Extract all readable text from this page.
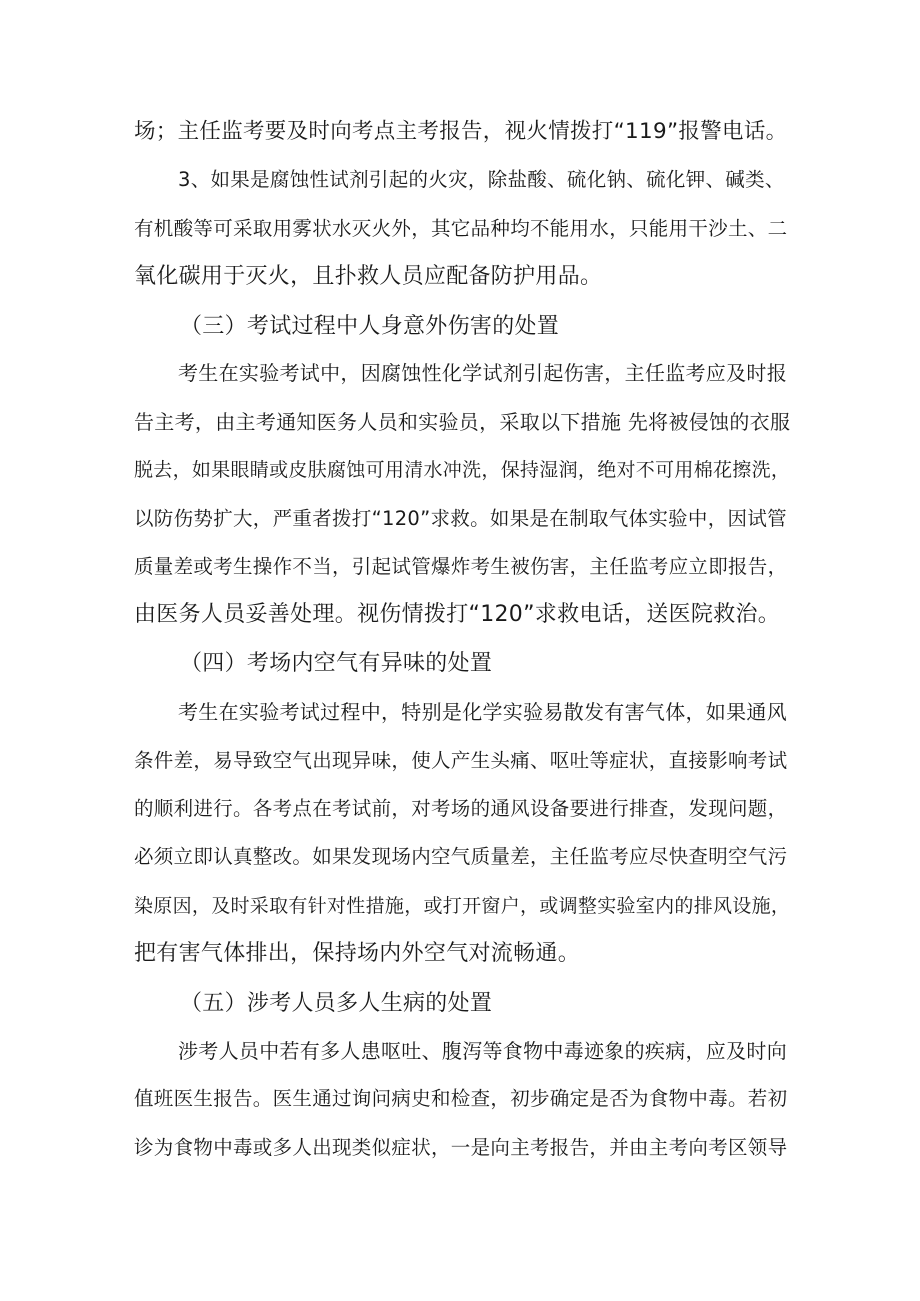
场；主任监考要及时向考点主考报告，视火情拨打“119”报警电话。
3、如果是腐蚀性试剂引起的火灾，除盐酸、硫化钠、硫化钾、碱类、
有机酸等可采取用雾状水灭火外，其它品种均不能用水，只能用干沙土、二
氧化碳用于灭火，且扑救人员应配备防护用品。
（三）考试过程中人身意外伤害的处置
考生在实验考试中，因腐蚀性化学试剂引起伤害，主任监考应及时报
告主考，由主考通知医务人员和实验员，采取以下措施 先将被侵蚀的衣服
脱去，如果眼睛或皮肤腐蚀可用清水冲洗，保持湿润，绝对不可用棉花擦洗，
以防伤势扩大，严重者拨打“120”求救。如果是在制取气体实验中，因试管
质量差或考生操作不当，引起试管爆炸考生被伤害，主任监考应立即报告，
由医务人员妥善处理。视伤情拨打“120”求救电话，送医院救治。
（四）考场内空气有异味的处置
考生在实验考试过程中，特别是化学实验易散发有害气体，如果通风
条件差，易导致空气出现异味，使人产生头痛、呕吐等症状，直接影响考试
的顺利进行。各考点在考试前，对考场的通风设备要进行排查，发现问题，
必须立即认真整改。如果发现场内空气质量差，主任监考应尽快查明空气污
染原因，及时采取有针对性措施，或打开窗户，或调整实验室内的排风设施，
把有害气体排出，保持场内外空气对流畅通。
（五）涉考人员多人生病的处置
涉考人员中若有多人患呕吐、腹泻等食物中毒迹象的疾病，应及时向
值班医生报告。医生通过询问病史和检查，初步确定是否为食物中毒。若初
诊为食物中毒或多人出现类似症状，一是向主考报告，并由主考向考区领导
